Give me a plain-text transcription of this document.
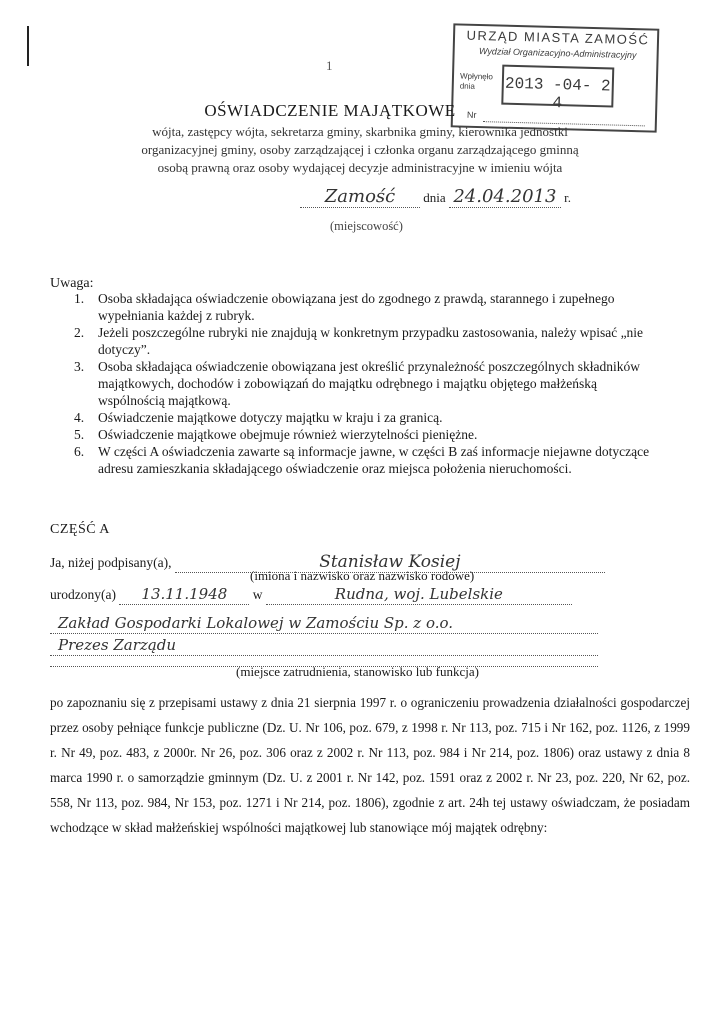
1
URZĄD MIASTA ZAMOŚĆ
Wydział Organizacyjno-Administracyjny
Wpłynęło dnia	2013 -04- 2 4
Nr
OŚWIADCZENIE MAJĄTKOWE
wójta, zastępcy wójta, sekretarza gminy, skarbnika gminy, kierownika jednostki
organizacyjnej gminy, osoby zarządzającej i członka organu zarządzającego gminną
osobą prawną oraz osoby wydającej decyzje administracyjne w imieniu wójta
Zamość dnia 24.04.2013 r.
(miejscowość)
Uwaga:
1. Osoba składająca oświadczenie obowiązana jest do zgodnego z prawdą, starannego i zupełnego wypełniania każdej z rubryk.
2. Jeżeli poszczególne rubryki nie znajdują w konkretnym przypadku zastosowania, należy wpisać „nie dotyczy”.
3. Osoba składająca oświadczenie obowiązana jest określić przynależność poszczególnych składników majątkowych, dochodów i zobowiązań do majątku odrębnego i majątku objętego małżeńską wspólnością majątkową.
4. Oświadczenie majątkowe dotyczy majątku w kraju i za granicą.
5. Oświadczenie majątkowe obejmuje również wierzytelności pieniężne.
6. W części A oświadczenia zawarte są informacje jawne, w części B zaś informacje niejawne dotyczące adresu zamieszkania składającego oświadczenie oraz miejsca położenia nieruchomości.
CZĘŚĆ A
Ja, niżej podpisany(a),	Stanisław Kosiej
(imiona i nazwisko oraz nazwisko rodowe)
urodzony(a) 13.11.1948 w	Rudna, woj. Lubelskie
Zakład Gospodarki Lokalowej w Zamościu Sp. z o.o.
Prezes Zarządu
(miejsce zatrudnienia, stanowisko lub funkcja)
po zapoznaniu się z przepisami ustawy z dnia 21 sierpnia 1997 r. o ograniczeniu prowadzenia działalności gospodarczej przez osoby pełniące funkcje publiczne (Dz. U. Nr 106, poz. 679, z 1998 r. Nr 113, poz. 715 i Nr 162, poz. 1126, z 1999 r. Nr 49, poz. 483, z 2000r. Nr 26, poz. 306 oraz z 2002 r. Nr 113, poz. 984 i Nr 214, poz. 1806) oraz ustawy z dnia 8 marca 1990 r. o samorządzie gminnym (Dz. U. z 2001 r. Nr 142, poz. 1591 oraz z 2002 r. Nr 23, poz. 220, Nr 62, poz. 558, Nr 113, poz. 984, Nr 153, poz. 1271 i Nr 214, poz. 1806), zgodnie z art. 24h tej ustawy oświadczam, że posiadam wchodzące w skład małżeńskiej wspólności majątkowej lub stanowiące mój majątek odrębny:
